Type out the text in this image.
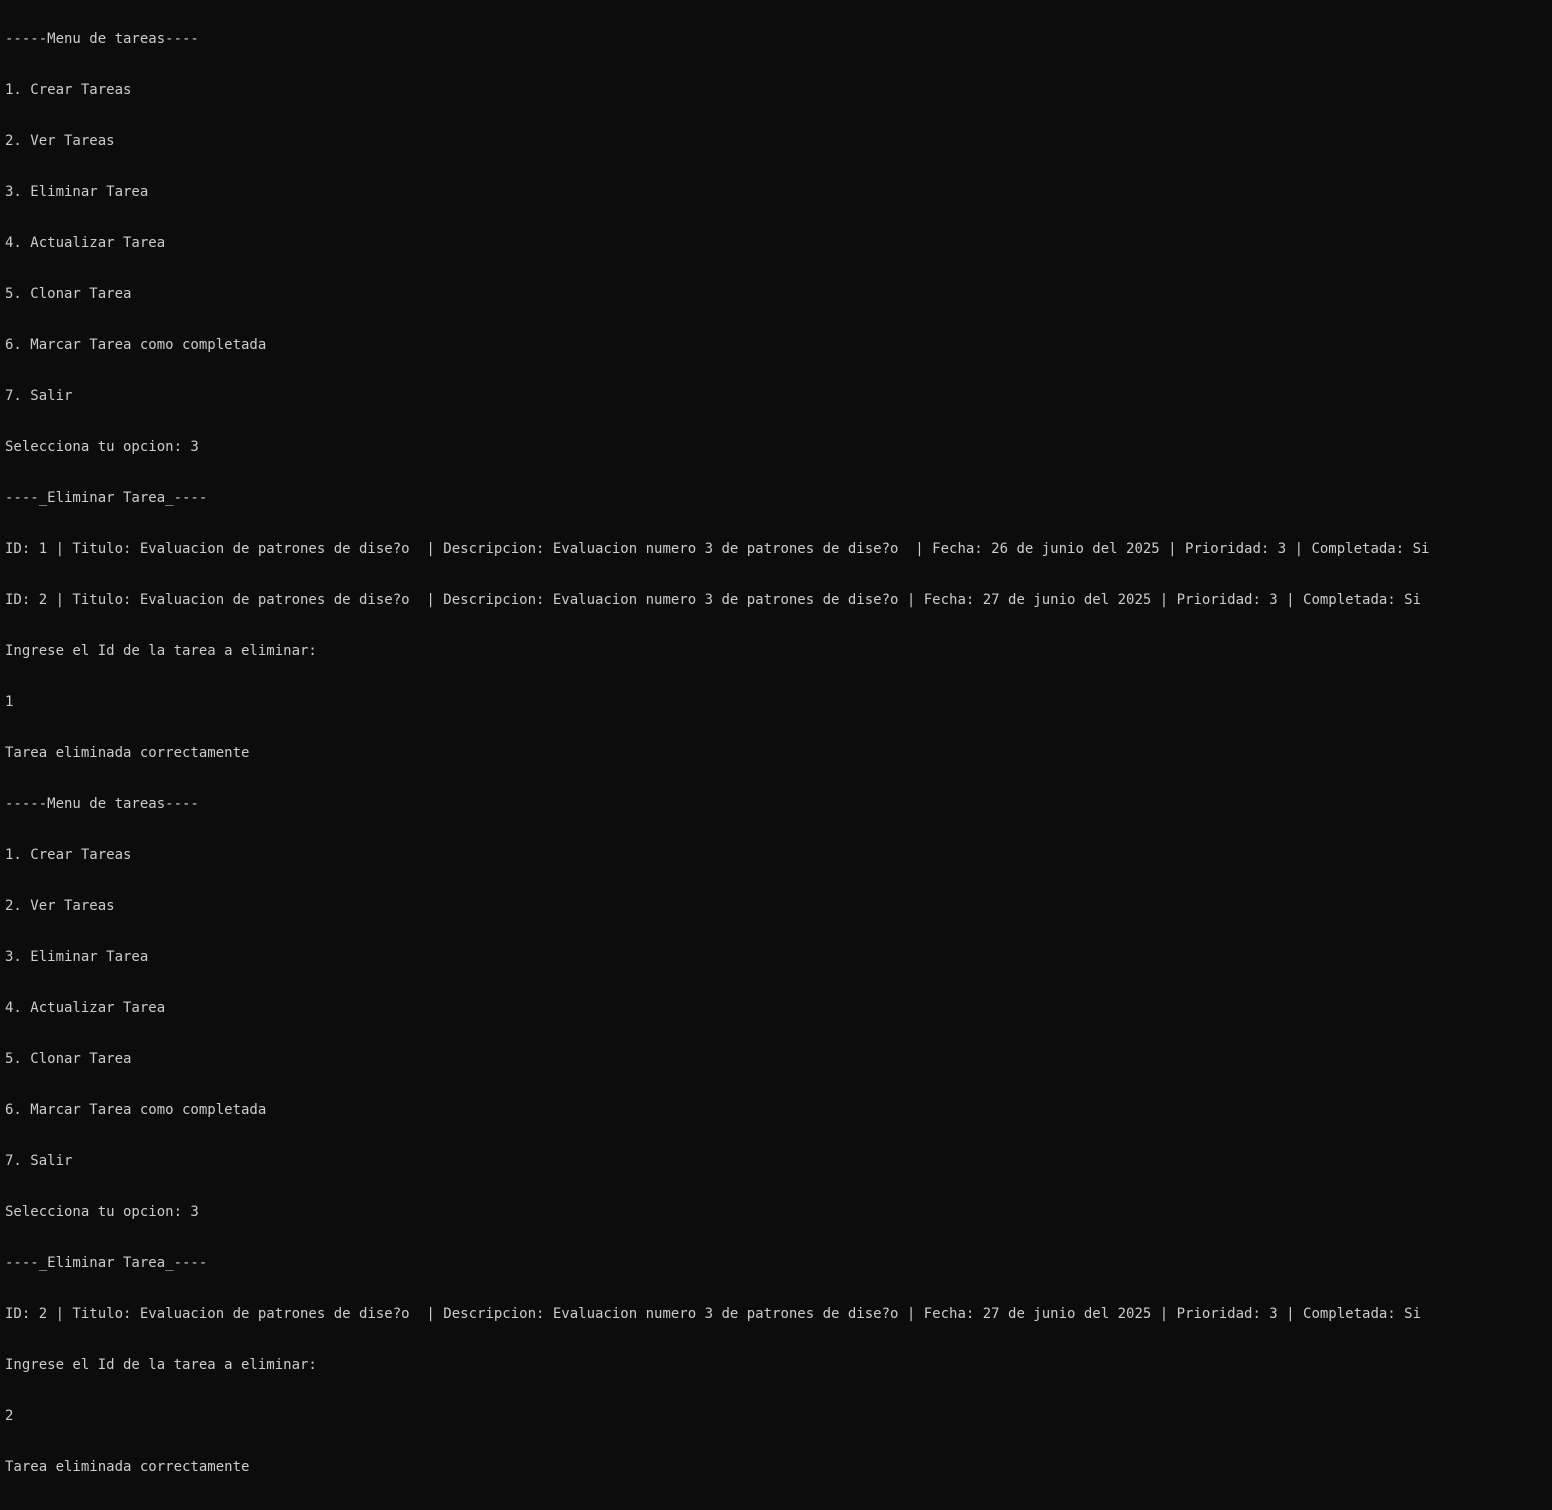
-----Menu de tareas----

1. Crear Tareas

2. Ver Tareas

3. Eliminar Tarea

4. Actualizar Tarea

5. Clonar Tarea

6. Marcar Tarea como completada

7. Salir

Selecciona tu opcion: 3

----_Eliminar Tarea_----

ID: 1 | Titulo: Evaluacion de patrones de dise?o  | Descripcion: Evaluacion numero 3 de patrones de dise?o  | Fecha: 26 de junio del 2025 | Prioridad: 3 | Completada: Si

ID: 2 | Titulo: Evaluacion de patrones de dise?o  | Descripcion: Evaluacion numero 3 de patrones de dise?o | Fecha: 27 de junio del 2025 | Prioridad: 3 | Completada: Si

Ingrese el Id de la tarea a eliminar:

1

Tarea eliminada correctamente

-----Menu de tareas----

1. Crear Tareas

2. Ver Tareas

3. Eliminar Tarea

4. Actualizar Tarea

5. Clonar Tarea

6. Marcar Tarea como completada

7. Salir

Selecciona tu opcion: 3

----_Eliminar Tarea_----

ID: 2 | Titulo: Evaluacion de patrones de dise?o  | Descripcion: Evaluacion numero 3 de patrones de dise?o | Fecha: 27 de junio del 2025 | Prioridad: 3 | Completada: Si

Ingrese el Id de la tarea a eliminar:

2

Tarea eliminada correctamente
